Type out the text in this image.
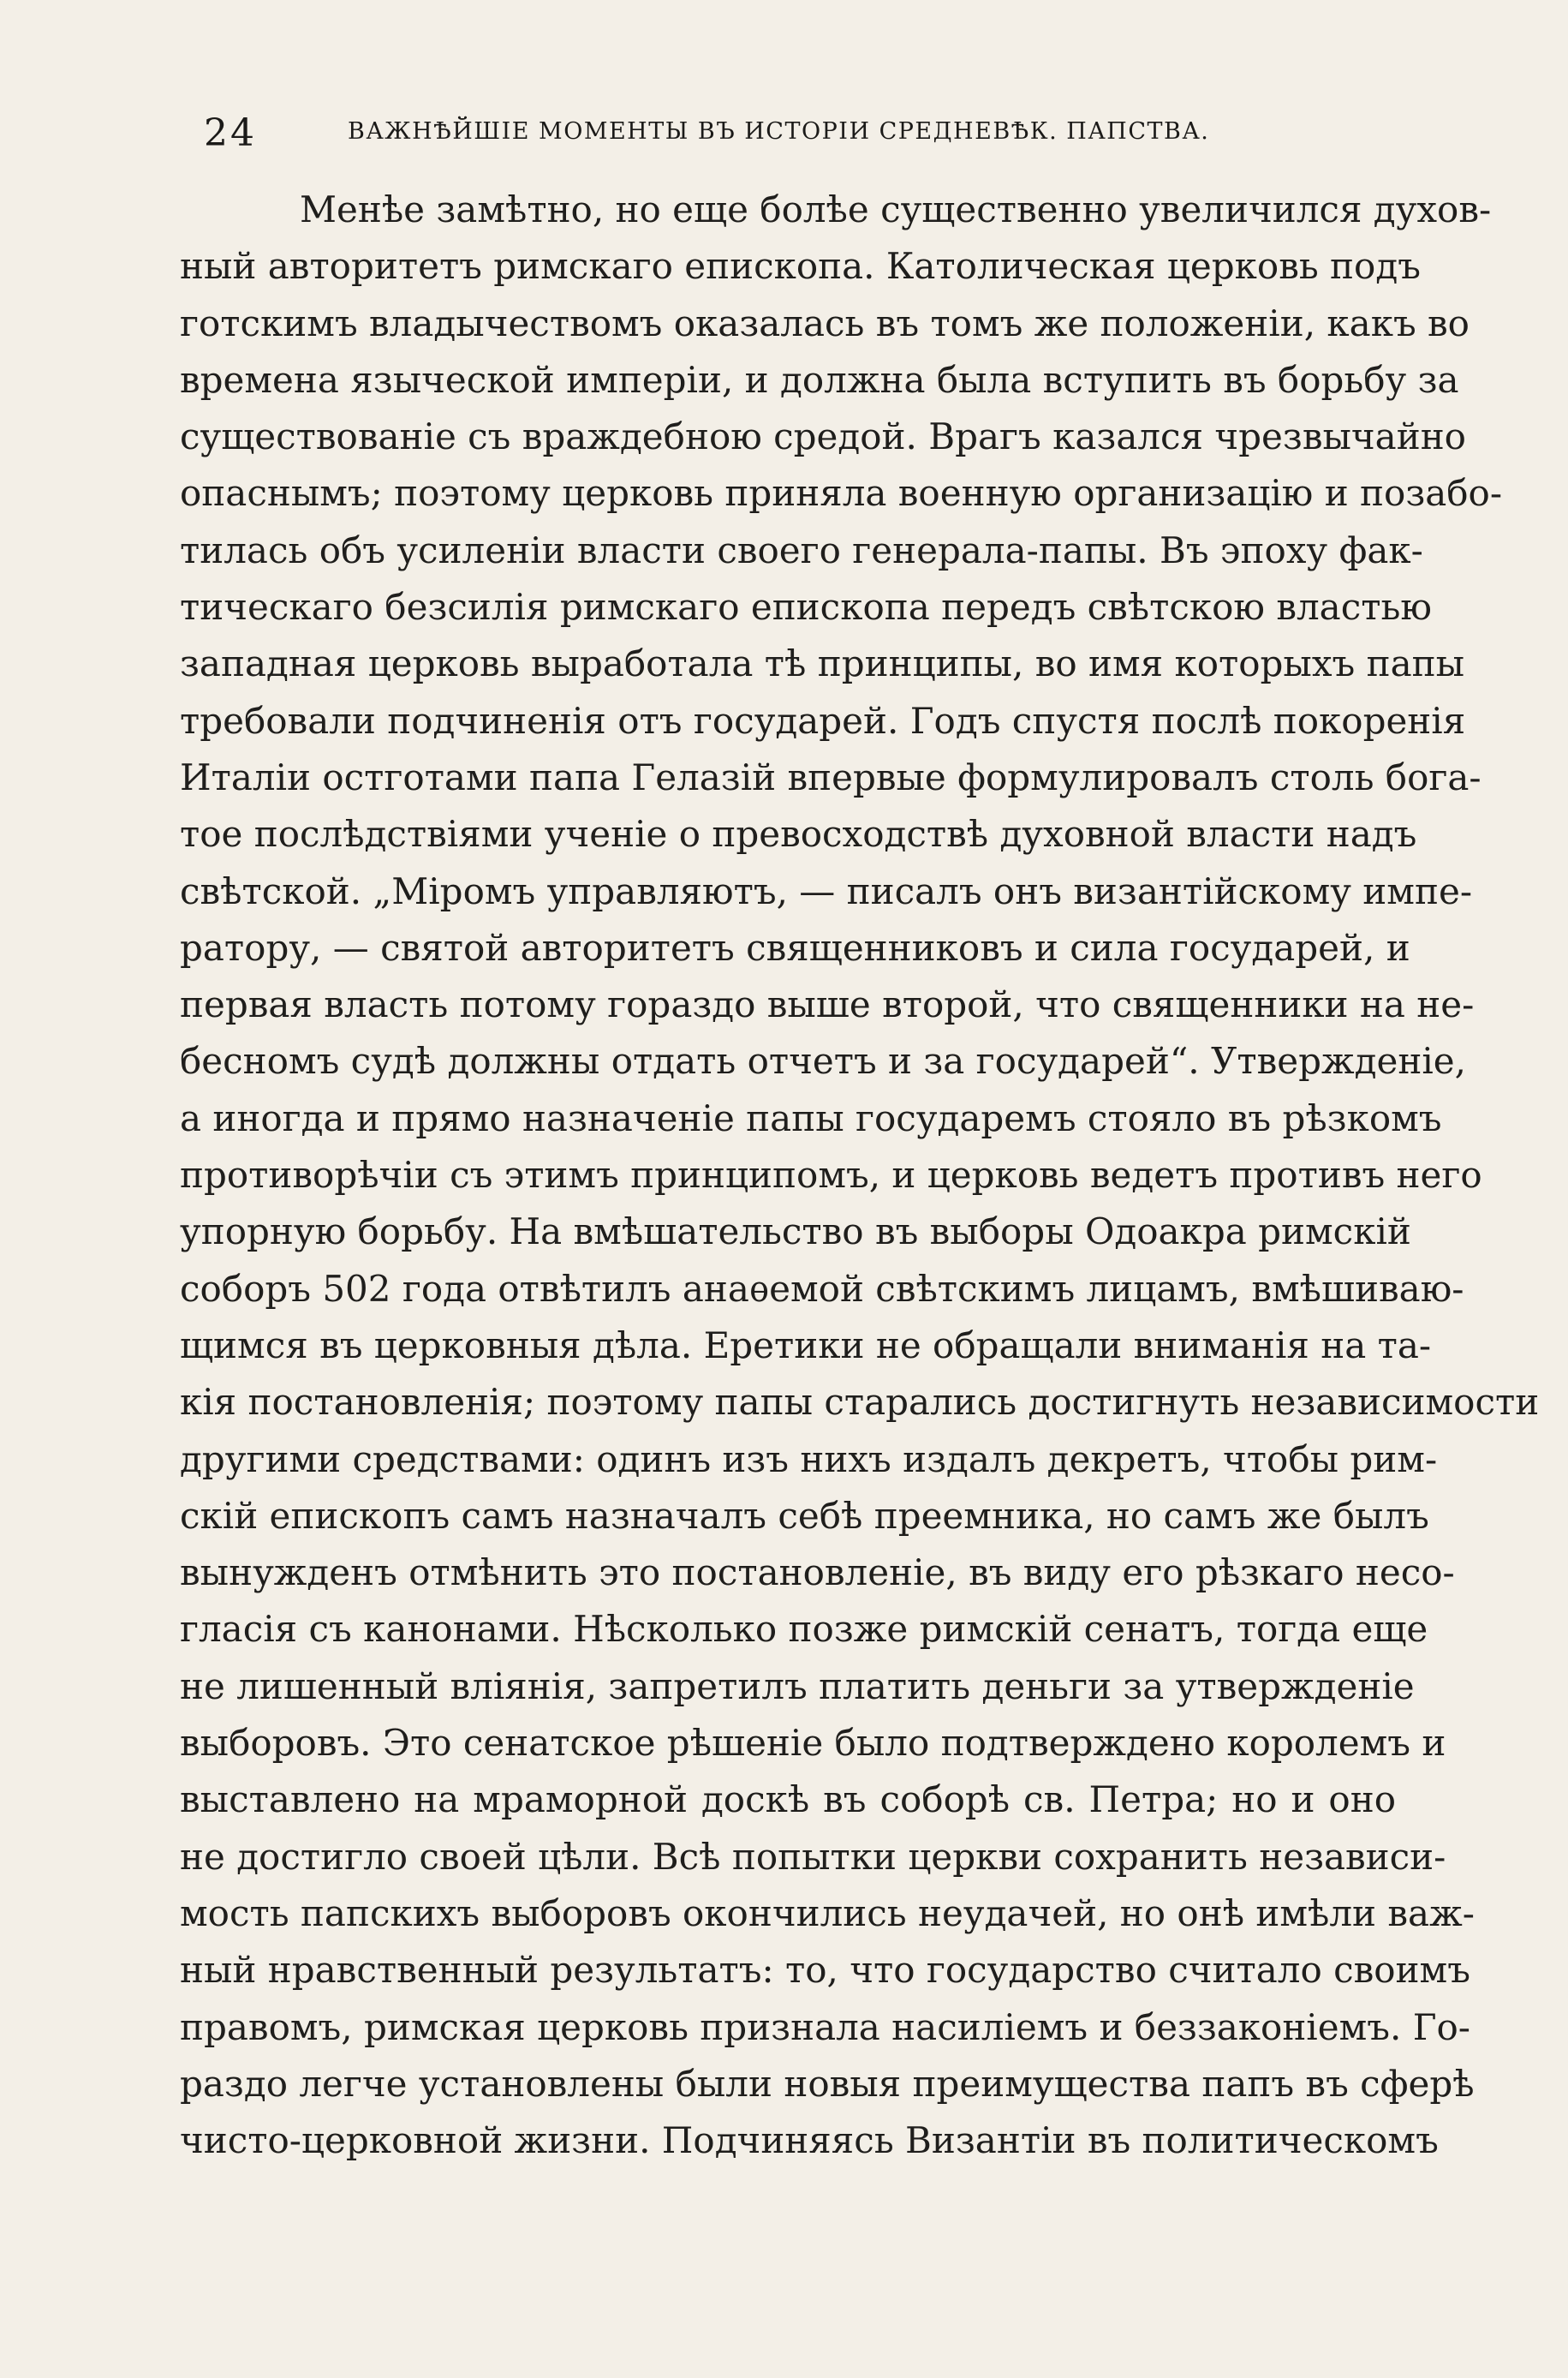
24	ВАЖНѢЙШІЕ МОМЕНТЫ ВЪ ИСТОРІИ СРЕДНЕВѢК. ПАПСТВА.
Менѣе замѣтно, но еще болѣе существенно увеличился духов-
ный авторитетъ римскаго епископа. Католическая церковь подъ
готскимъ владычествомъ оказалась въ томъ же положеніи, какъ во
времена языческой имперіи, и должна была вступить въ борьбу за
существованіе съ враждебною средой. Врагъ казался чрезвычайно
опаснымъ; поэтому церковь приняла военную организацію и позабо-
тилась объ усиленіи власти своего генерала-папы. Въ эпоху фак-
тическаго безсилія римскаго епископа передъ свѣтскою властью
западная церковь выработала тѣ принципы, во имя которыхъ папы
требовали подчиненія отъ государей. Годъ спустя послѣ покоренія
Италіи остготами папа Гелазій впервые формулировалъ столь бога-
тое послѣдствіями ученіе о превосходствѣ духовной власти надъ
свѣтской. „Міромъ управляютъ, — писалъ онъ византійскому импе-
ратору, — святой авторитетъ священниковъ и сила государей, и
первая власть потому гораздо выше второй, что священники на не-
бесномъ судѣ должны отдать отчетъ и за государей“. Утвержденіе,
а иногда и прямо назначеніе папы государемъ стояло въ рѣзкомъ
противорѣчіи съ этимъ принципомъ, и церковь ведетъ противъ него
упорную борьбу. На вмѣшательство въ выборы Одоакра римскій
соборъ 502 года отвѣтилъ анаѳемой свѣтскимъ лицамъ, вмѣшиваю-
щимся въ церковныя дѣла. Еретики не обращали вниманія на та-
кія постановленія; поэтому папы старались достигнуть независимости
другими средствами: одинъ изъ нихъ издалъ декретъ, чтобы рим-
скій епископъ самъ назначалъ себѣ преемника, но самъ же былъ
вынужденъ отмѣнить это постановленіе, въ виду его рѣзкаго несо-
гласія съ канонами. Нѣсколько позже римскій сенатъ, тогда еще
не лишенный вліянія, запретилъ платить деньги за утвержденіе
выборовъ. Это сенатское рѣшеніе было подтверждено королемъ и
выставлено на мраморной доскѣ въ соборѣ св. Петра; но и оно
не достигло своей цѣли. Всѣ попытки церкви сохранить независи-
мость папскихъ выборовъ окончились неудачей, но онѣ имѣли важ-
ный нравственный результатъ: то, что государство считало своимъ
правомъ, римская церковь признала насиліемъ и беззаконіемъ. Го-
раздо легче установлены были новыя преимущества папъ въ сферѣ
чисто-церковной жизни. Подчиняясь Византіи въ политическомъ
